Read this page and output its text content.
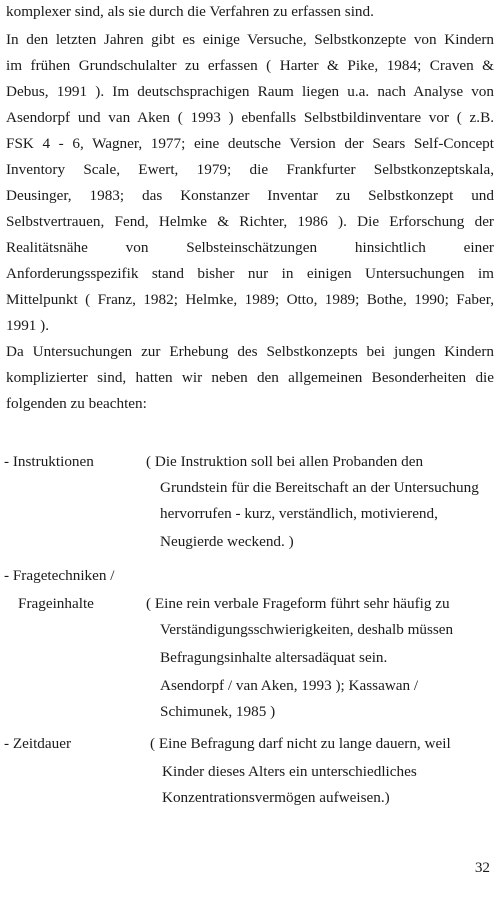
komplexer sind, als sie durch die Verfahren zu erfassen sind.
In den letzten Jahren gibt es einige Versuche, Selbstkonzepte von Kindern
im frühen Grundschulalter zu erfassen ( Harter & Pike, 1984; Craven &
Debus, 1991 ). Im deutschsprachigen Raum liegen u.a. nach Analyse von
Asendorpf und van Aken ( 1993 ) ebenfalls Selbstbildinventare vor ( z.B.
FSK 4 - 6, Wagner, 1977; eine deutsche Version der Sears Self-Concept
Inventory Scale, Ewert, 1979; die Frankfurter Selbstkonzeptskala,
Deusinger, 1983; das Konstanzer Inventar zu Selbstkonzept und
Selbstvertrauen, Fend, Helmke & Richter, 1986 ). Die Erforschung der
Realitätsnähe von Selbsteinschätzungen hinsichtlich einer
Anforderungsspezifik stand bisher nur in einigen Untersuchungen im
Mittelpunkt ( Franz, 1982; Helmke, 1989; Otto, 1989; Bothe, 1990; Faber,
1991 ).
Da Untersuchungen zur Erhebung des Selbstkonzepts bei jungen Kindern
komplizierter sind, hatten wir neben den allgemeinen Besonderheiten die
folgenden zu beachten:
- Instruktionen	( Die Instruktion soll bei allen Probanden den
Grundstein für die Bereitschaft an der Untersuchung
hervorrufen - kurz, verständlich, motivierend,
Neugierde weckend. )
- Fragetechniken /
Frageinhalte	( Eine rein verbale Frageform führt sehr häufig zu
Verständigungsschwierigkeiten, deshalb müssen
Befragungsinhalte altersadäquat sein.
Asendorpf / van Aken, 1993 ); Kassawan /
Schimunek, 1985 )
- Zeitdauer	( Eine Befragung darf nicht zu lange dauern, weil
Kinder dieses Alters ein unterschiedliches
Konzentrationsvermögen aufweisen.)
32
